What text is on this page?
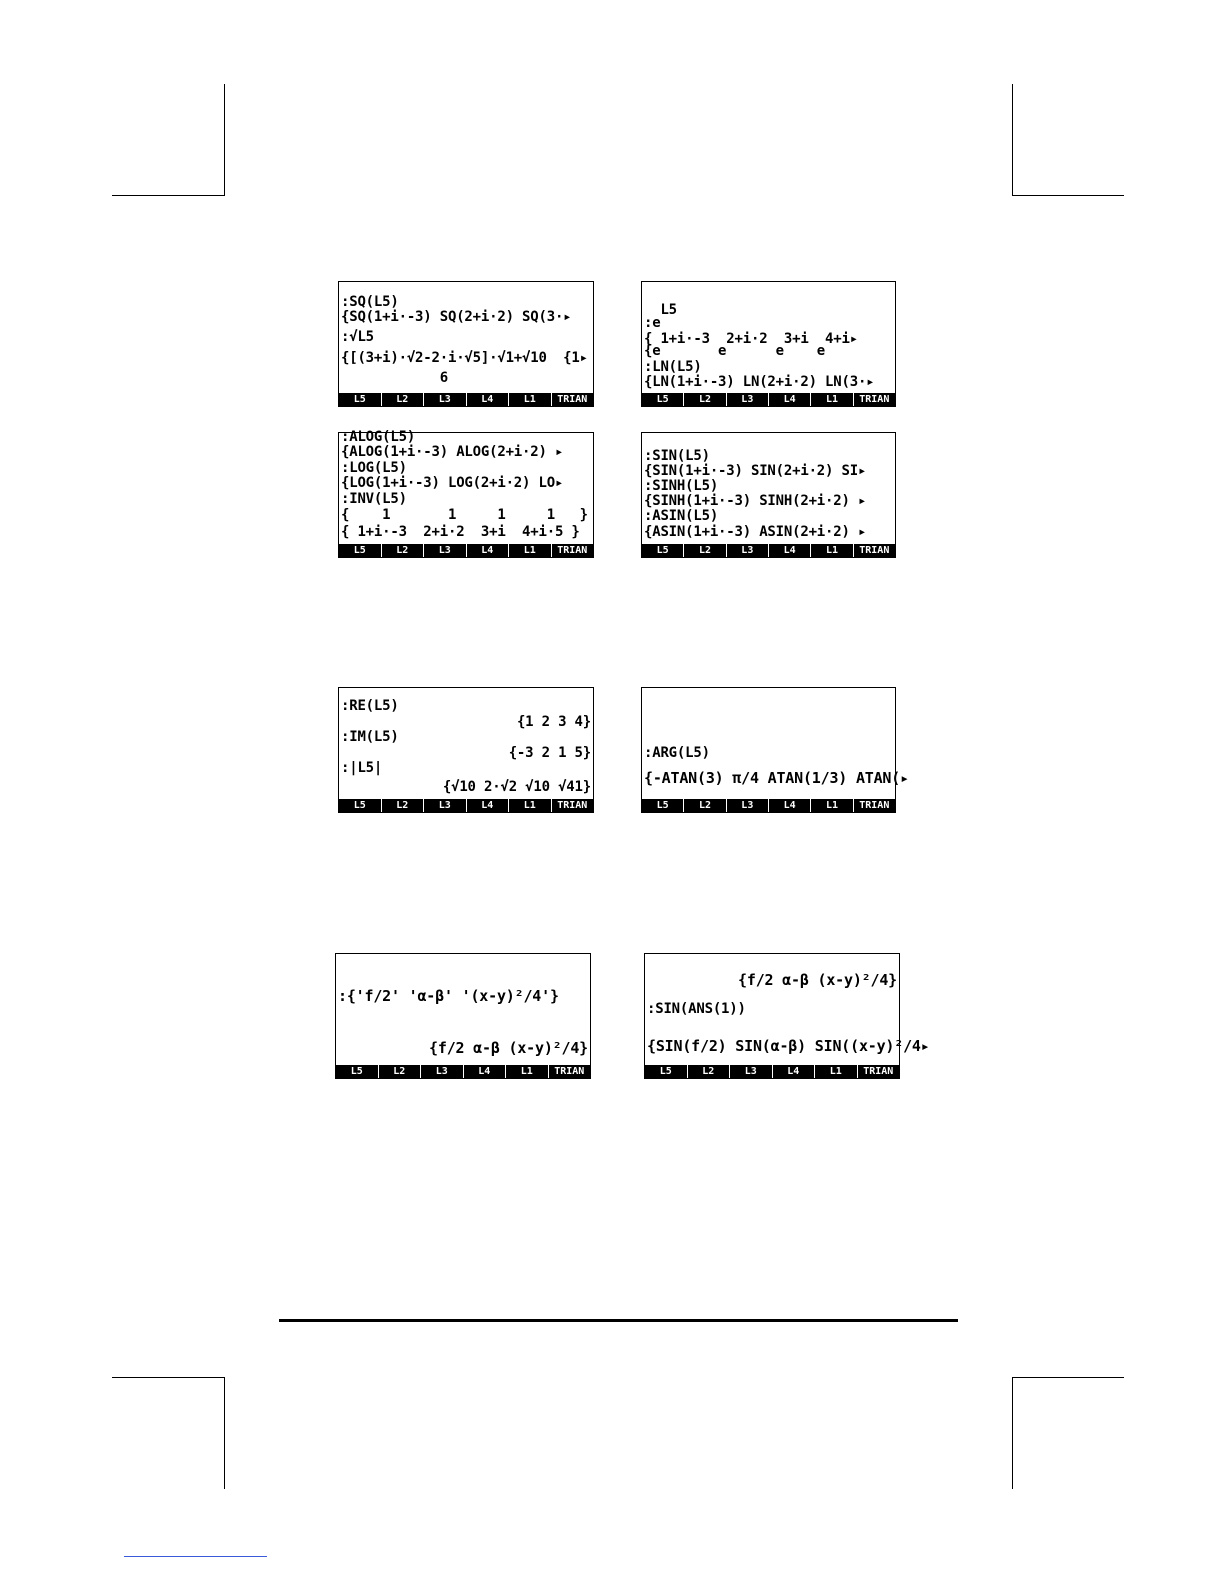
:SQ(L5)
{SQ(1+i·-3) SQ(2+i·2) SQ(3·▸
:√L5
{[(3+i)·√2-2·i·√5]·√1+√10  {1▸
6
L5	L2	L3	L4	L1	TRIAN
L5
:e
{ 1+i·-3  2+i·2  3+i  4+i▸
{e       e      e    e
:LN(L5)
{LN(1+i·-3) LN(2+i·2) LN(3·▸
L5	L2	L3	L4	L1	TRIAN
:ALOG(L5)
{ALOG(1+i·-3) ALOG(2+i·2) ▸
:LOG(L5)
{LOG(1+i·-3) LOG(2+i·2) LO▸
:INV(L5)
{    1       1     1     1   }
{ 1+i·-3  2+i·2  3+i  4+i·5 }
L5	L2	L3	L4	L1	TRIAN
:SIN(L5)
{SIN(1+i·-3) SIN(2+i·2) SI▸
:SINH(L5)
{SINH(1+i·-3) SINH(2+i·2) ▸
:ASIN(L5)
{ASIN(1+i·-3) ASIN(2+i·2) ▸
L5	L2	L3	L4	L1	TRIAN
:RE(L5)
{1 2 3 4}
:IM(L5)
{-3 2 1 5}
:|L5|
{√10 2·√2 √10 √41}
L5	L2	L3	L4	L1	TRIAN
:ARG(L5)
{-ATAN(3) π/4 ATAN(1/3) ATAN(▸
L5	L2	L3	L4	L1	TRIAN
:{'f/2' 'α-β' '(x-y)²/4'}
{f/2 α-β (x-y)²/4}
L5	L2	L3	L4	L1	TRIAN
{f/2 α-β (x-y)²/4}
:SIN(ANS(1))
{SIN(f/2) SIN(α-β) SIN((x-y)²/4▸
L5	L2	L3	L4	L1	TRIAN
